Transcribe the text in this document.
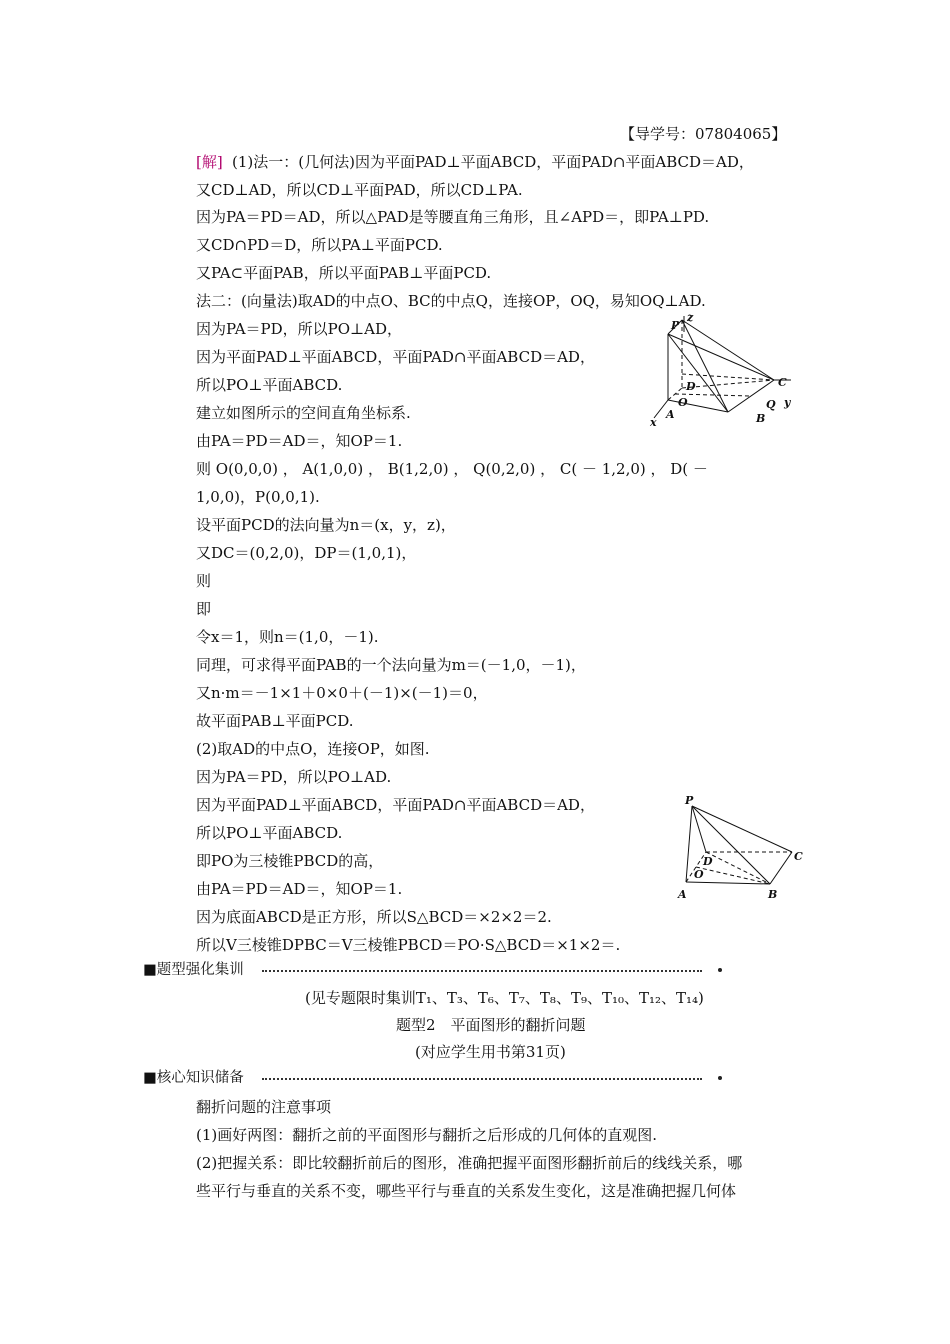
【导学号：07804065】
[解] (1)法一：(几何法)因为平面PAD⊥平面ABCD，平面PAD∩平面ABCD＝AD，
又CD⊥AD，所以CD⊥平面PAD，所以CD⊥PA.
因为PA＝PD＝AD，所以△PAD是等腰直角三角形，且∠APD＝，即PA⊥PD.
又CD∩PD＝D，所以PA⊥平面PCD.
又PA⊂平面PAB，所以平面PAB⊥平面PCD.
法二：(向量法)取AD的中点O、BC的中点Q，连接OP，OQ，易知OQ⊥AD.
因为PA＝PD，所以PO⊥AD，
因为平面PAD⊥平面ABCD，平面PAD∩平面ABCD＝AD，
所以PO⊥平面ABCD.
建立如图所示的空间直角坐标系.
由PA＝PD＝AD＝，知OP＝1.
则 O(0,0,0) ， A(1,0,0) ， B(1,2,0) ， Q(0,2,0) ， C( － 1,2,0) ， D( －
1,0,0)，P(0,0,1).
设平面PCD的法向量为n＝(x，y，z)，
又DC＝(0,2,0)，DP＝(1,0,1)，
则
即
令x＝1，则n＝(1,0，－1).
同理，可求得平面PAB的一个法向量为m＝(－1,0，－1)，
又n·m＝－1×1＋0×0＋(－1)×(－1)＝0，
故平面PAB⊥平面PCD.
(2)取AD的中点O，连接OP，如图.
因为PA＝PD，所以PO⊥AD.
因为平面PAD⊥平面ABCD，平面PAD∩平面ABCD＝AD，
所以PO⊥平面ABCD.
即PO为三棱锥PBCD的高，
由PA＝PD＝AD＝，知OP＝1.
因为底面ABCD是正方形，所以S△BCD＝×2×2＝2.
所以V三棱锥DPBC＝V三棱锥PBCD＝PO·S△BCD＝×1×2＝.
P
z
D
O
C
Q y
A	B
x
P
D
O
C
A	B
■题型强化集训
(见专题限时集训T₁、T₃、T₆、T₇、T₈、T₉、T₁₀、T₁₂、T₁₄)
题型2　平面图形的翻折问题
(对应学生用书第31页)
■核心知识储备
翻折问题的注意事项
(1)画好两图：翻折之前的平面图形与翻折之后形成的几何体的直观图.
(2)把握关系：即比较翻折前后的图形，准确把握平面图形翻折前后的线线关系，哪
些平行与垂直的关系不变，哪些平行与垂直的关系发生变化，这是准确把握几何体
